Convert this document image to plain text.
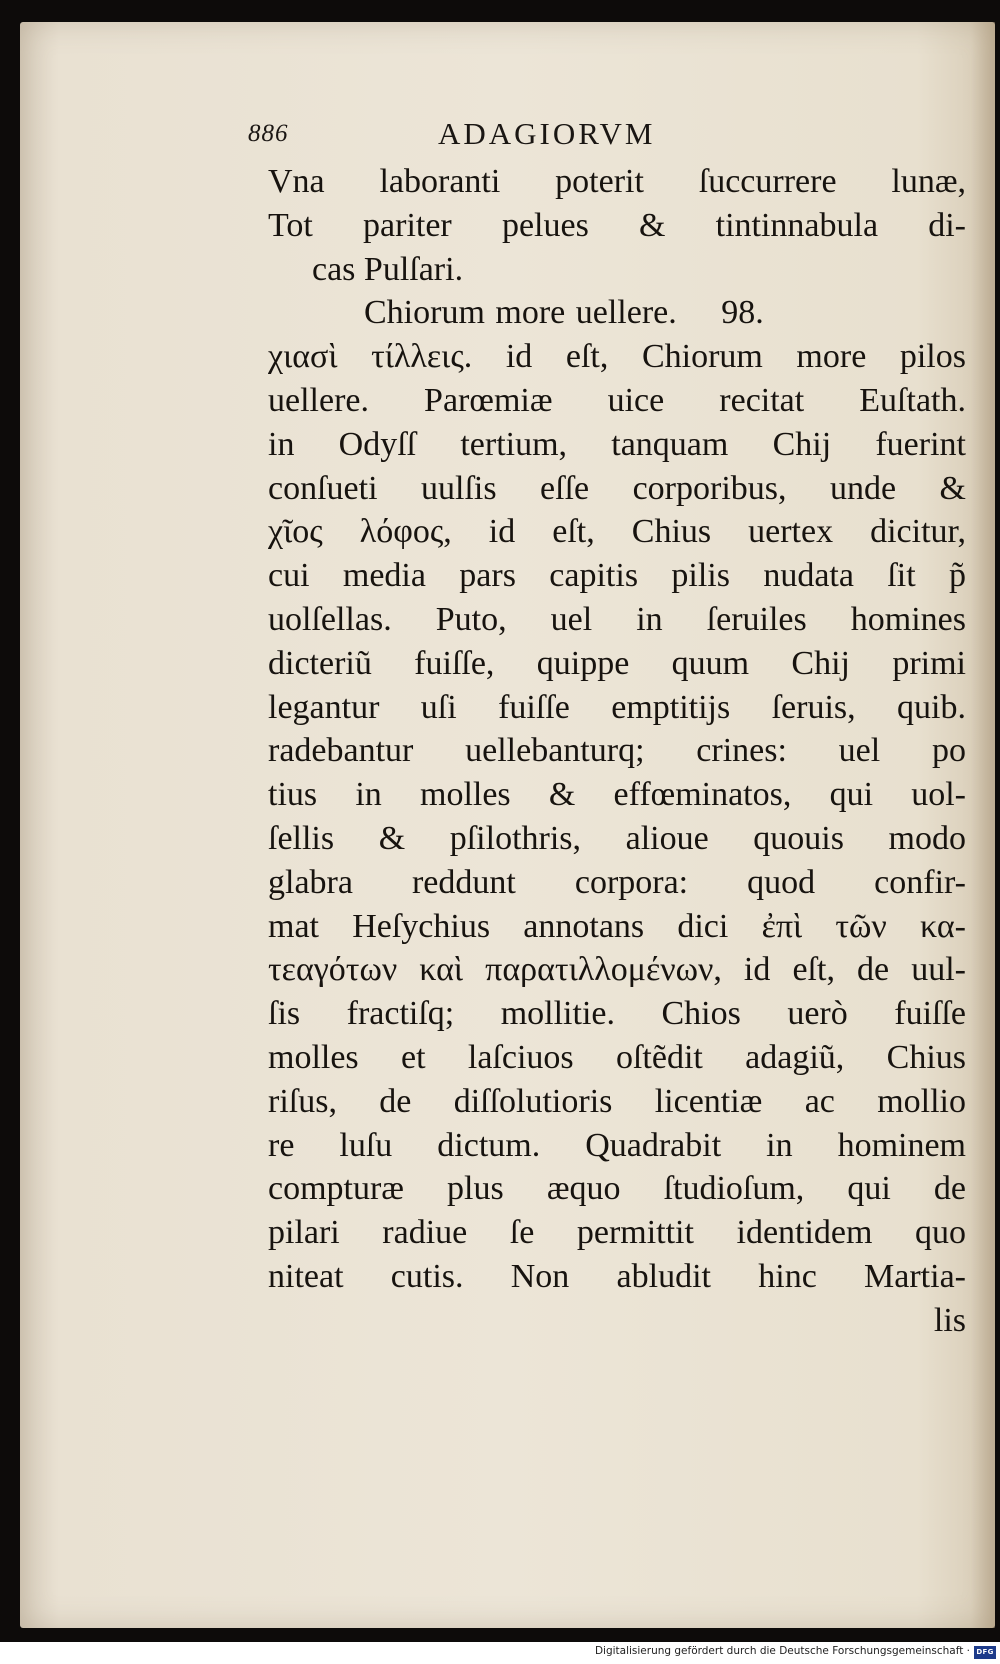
886	ADAGIORVM
Vna laboranti poterit ſuccurrere lunæ,
Tot pariter pelues & tintinnabula di-
cas Pulſari.
Chiorum more uellere. 98.
χιασὶ τίλλεις. id eſt, Chiorum more pilos
uellere. Parœmiæ uice recitat Euſtath.
in Odyſſ tertium, tanquam Chij fuerint
conſueti uulſis eſſe corporibus, unde &
χῖος λόφος, id eſt, Chius uertex dicitur,
cui media pars capitis pilis nudata ſit p̃
uolſellas. Puto, uel in ſeruiles homines
dicteriũ fuiſſe, quippe quum Chij primi
legantur uſi fuiſſe emptitijs ſeruis, quib.
radebantur uellebanturq; crines: uel po
tius in molles & effœminatos, qui uol-
ſellis & pſilothris, alioue quouis modo
glabra reddunt corpora: quod confir-
mat Heſychius annotans dici ἐπὶ τῶν κα-
τεαγότων καὶ παρατιλλομένων, id eſt, de uul-
ſis fractiſq; mollitie. Chios uerò fuiſſe
molles et laſciuos oſtẽdit adagiũ, Chius
riſus, de diſſolutioris licentiæ ac mollio
re luſu dictum. Quadrabit in hominem
compturæ plus æquo ſtudioſum, qui de
pilari radiue ſe permittit identidem quo
niteat cutis. Non abludit hinc Martia-
lis
Digitalisierung gefördert durch die Deutsche Forschungsgemeinschaft · DFG
